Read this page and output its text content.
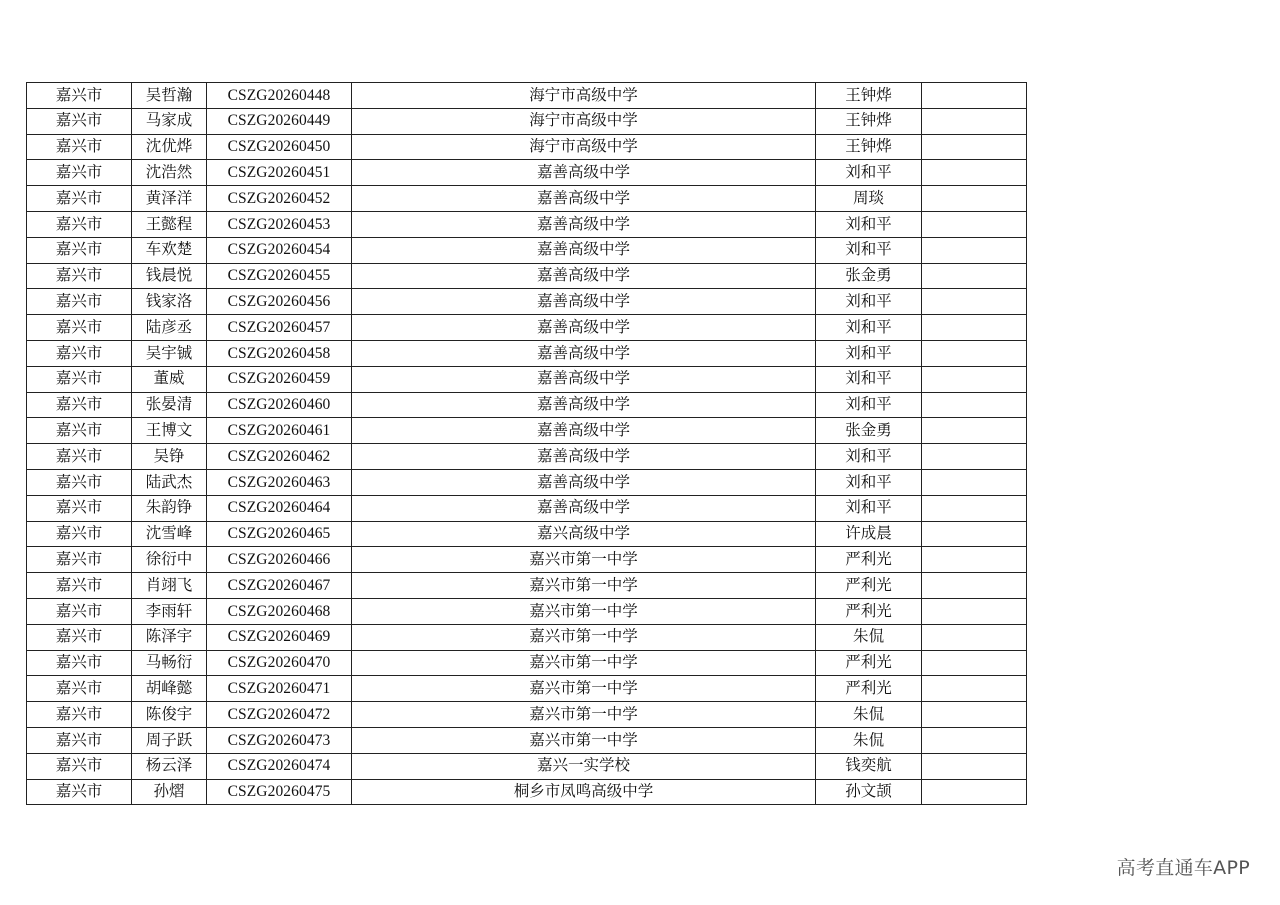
嘉兴市	吴哲瀚	CSZG20260448	海宁市高级中学	王钟烨	
嘉兴市	马家成	CSZG20260449	海宁市高级中学	王钟烨	
嘉兴市	沈优烨	CSZG20260450	海宁市高级中学	王钟烨	
嘉兴市	沈浩然	CSZG20260451	嘉善高级中学	刘和平	
嘉兴市	黄泽洋	CSZG20260452	嘉善高级中学	周琰	
嘉兴市	王懿程	CSZG20260453	嘉善高级中学	刘和平	
嘉兴市	车欢楚	CSZG20260454	嘉善高级中学	刘和平	
嘉兴市	钱晨悦	CSZG20260455	嘉善高级中学	张金勇	
嘉兴市	钱家洛	CSZG20260456	嘉善高级中学	刘和平	
嘉兴市	陆彦丞	CSZG20260457	嘉善高级中学	刘和平	
嘉兴市	吴宇铖	CSZG20260458	嘉善高级中学	刘和平	
嘉兴市	董威	CSZG20260459	嘉善高级中学	刘和平	
嘉兴市	张晏清	CSZG20260460	嘉善高级中学	刘和平	
嘉兴市	王博文	CSZG20260461	嘉善高级中学	张金勇	
嘉兴市	吴铮	CSZG20260462	嘉善高级中学	刘和平	
嘉兴市	陆武杰	CSZG20260463	嘉善高级中学	刘和平	
嘉兴市	朱韵铮	CSZG20260464	嘉善高级中学	刘和平	
嘉兴市	沈雪峰	CSZG20260465	嘉兴高级中学	许成晨	
嘉兴市	徐衍中	CSZG20260466	嘉兴市第一中学	严利光	
嘉兴市	肖翊飞	CSZG20260467	嘉兴市第一中学	严利光	
嘉兴市	李雨轩	CSZG20260468	嘉兴市第一中学	严利光	
嘉兴市	陈泽宇	CSZG20260469	嘉兴市第一中学	朱侃	
嘉兴市	马畅衍	CSZG20260470	嘉兴市第一中学	严利光	
嘉兴市	胡峰懿	CSZG20260471	嘉兴市第一中学	严利光	
嘉兴市	陈俊宇	CSZG20260472	嘉兴市第一中学	朱侃	
嘉兴市	周子跃	CSZG20260473	嘉兴市第一中学	朱侃	
嘉兴市	杨云泽	CSZG20260474	嘉兴一实学校	钱奕航	
嘉兴市	孙熠	CSZG20260475	桐乡市凤鸣高级中学	孙文颉	
高考直通车APP
